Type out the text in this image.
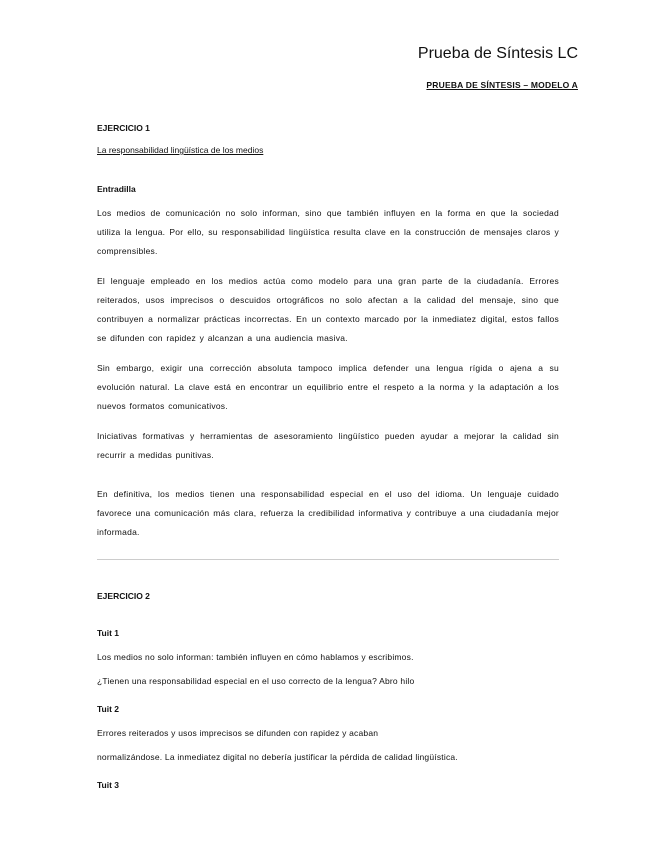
Prueba de Síntesis LC
PRUEBA DE SÍNTESIS – MODELO A
EJERCICIO 1
La responsabilidad lingüística de los medios
Entradilla

Los medios de comunicación no solo informan, sino que también influyen en la forma en que la sociedad utiliza la lengua. Por ello, su responsabilidad lingüística resulta clave en la construcción de mensajes claros y comprensibles.

El lenguaje empleado en los medios actúa como modelo para una gran parte de la ciudadanía. Errores reiterados, usos imprecisos o descuidos ortográficos no solo afectan a la calidad del mensaje, sino que contribuyen a normalizar prácticas incorrectas. En un contexto marcado por la inmediatez digital, estos fallos se difunden con rapidez y alcanzan a una audiencia masiva.

Sin embargo, exigir una corrección absoluta tampoco implica defender una lengua rígida o ajena a su evolución natural. La clave está en encontrar un equilibrio entre el respeto a la norma y la adaptación a los nuevos formatos comunicativos.

Iniciativas formativas y herramientas de asesoramiento lingüístico pueden ayudar a mejorar la calidad sin recurrir a medidas punitivas.

En definitiva, los medios tienen una responsabilidad especial en el uso del idioma. Un lenguaje cuidado favorece una comunicación más clara, refuerza la credibilidad informativa y contribuye a una ciudadanía mejor informada.

EJERCICIO 2
Tuit 1

Los medios no solo informan: también influyen en cómo hablamos y escribimos.

¿Tienen una responsabilidad especial en el uso correcto de la lengua? Abro hilo

Tuit 2

Errores reiterados y usos imprecisos se difunden con rapidez y acaban

normalizándose. La inmediatez digital no debería justificar la pérdida de calidad lingüística.

Tuit 3
